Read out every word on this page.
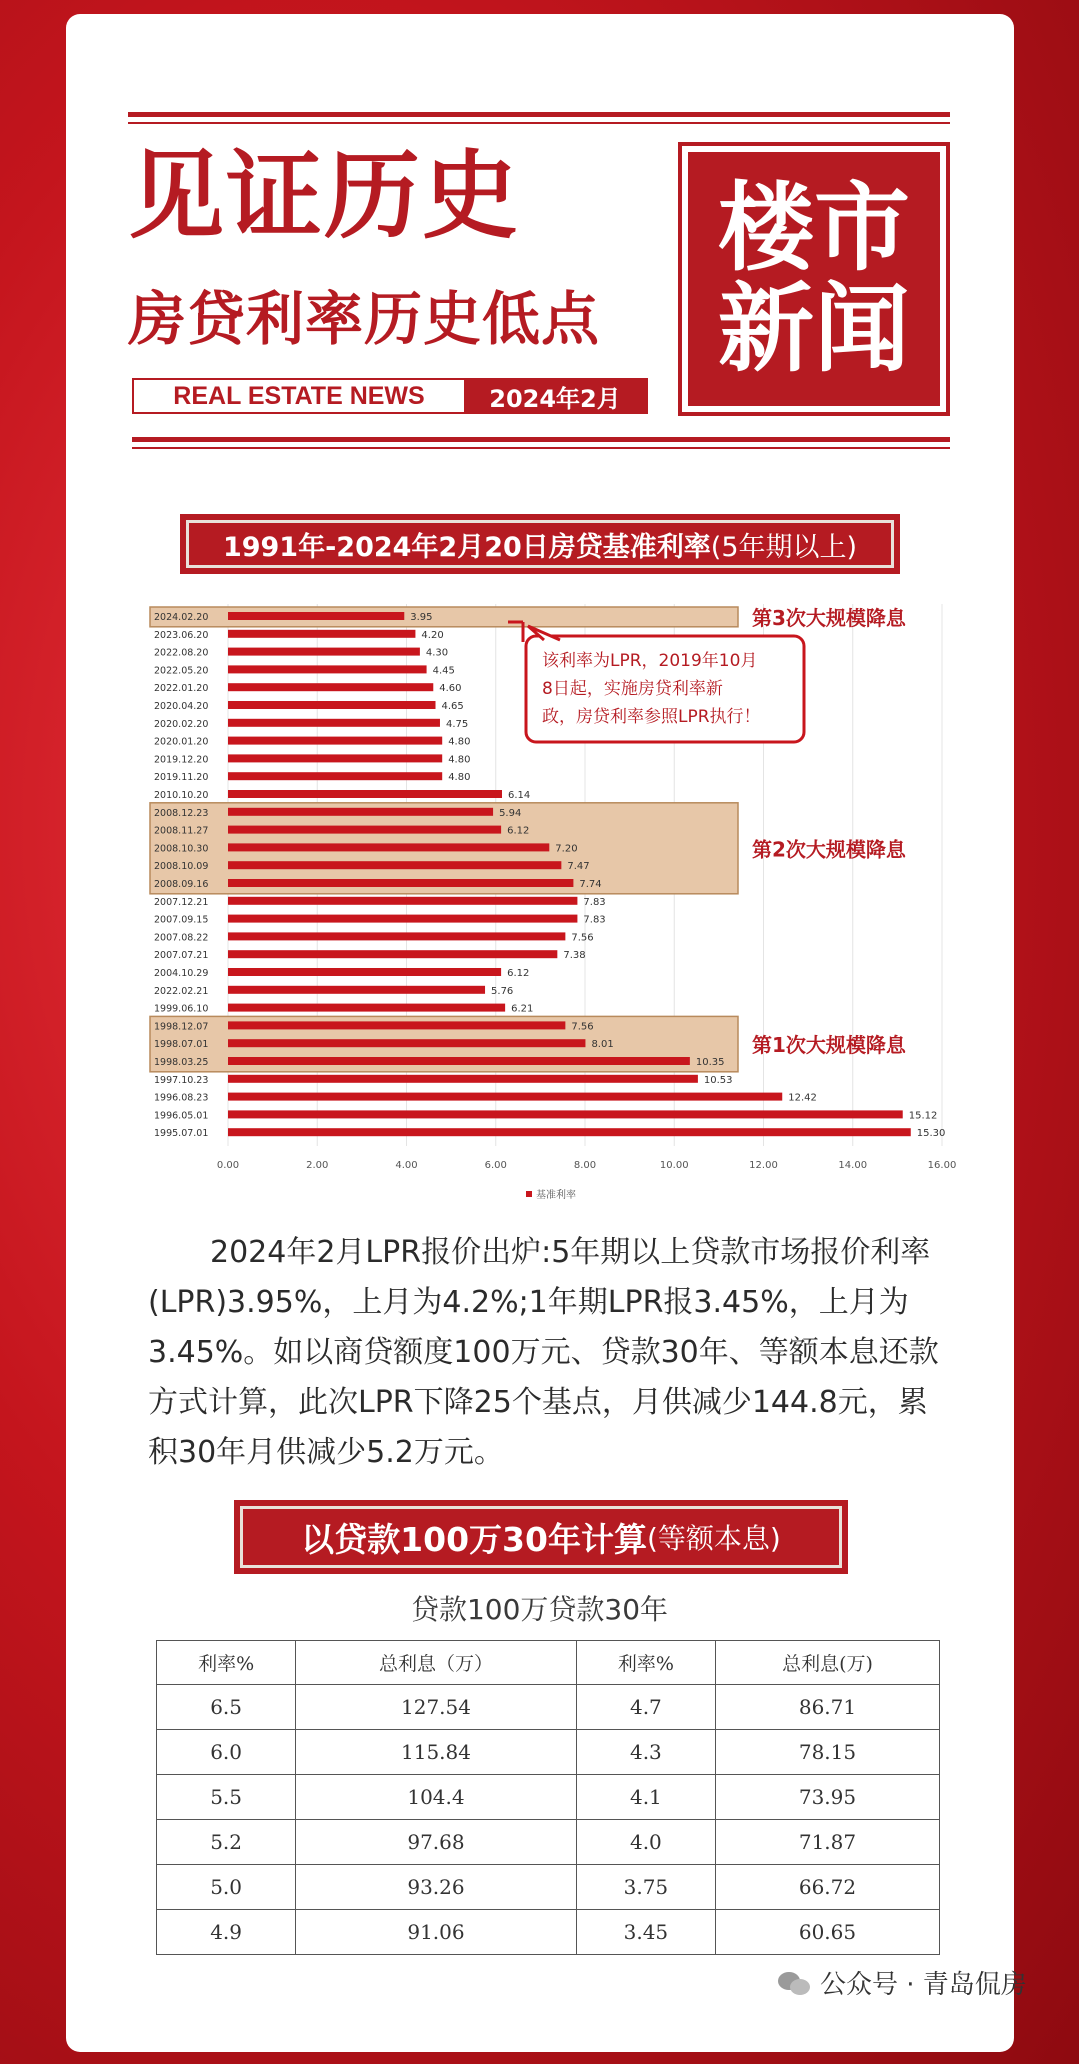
见证历史
房贷利率历史低点
REAL ESTATE NEWS	2024年2月
楼市
新闻
1991年-2024年2月20日房贷基准利率 (5年期以上)
第3次大规模降息
第2次大规模降息
第1次大规模降息
2024.02.20	3.95
2023.06.20	4.20
2022.08.20	4.30
2022.05.20	4.45
2022.01.20	4.60
2020.04.20	4.65
2020.02.20	4.75
2020.01.20	4.80
2019.12.20	4.80
2019.11.20	4.80
2010.10.20	6.14
2008.12.23	5.94
2008.11.27	6.12
2008.10.30	7.20
2008.10.09	7.47
2008.09.16	7.74
2007.12.21	7.83
2007.09.15	7.83
2007.08.22	7.56
2007.07.21	7.38
2004.10.29	6.12
2022.02.21	5.76
1999.06.10	6.21
1998.12.07	7.56
1998.07.01	8.01
1998.03.25	10.35
1997.10.23	10.53
1996.08.23	12.42
1996.05.01	15.12
1995.07.01	15.30
0.00	2.00	4.00	6.00	8.00	10.00	12.00	14.00	16.00
基准利率
该利率为LPR，2019年10月
8日起，实施房贷利率新
政，房贷利率参照LPR执行！
2024年2月LPR报价出炉:5年期以上贷款市场报价利率(LPR)3.95%，上月为4.2%;1年期LPR报3.45%，上月为3.45%。如以商贷额度100万元、贷款30年、等额本息还款方式计算，此次LPR下降25个基点，月供减少144.8元，累积30年月供减少5.2万元。
以贷款100万30年计算 (等额本息)
贷款100万贷款30年
利率%	总利息（万）	利率%	总利息(万)
6.5	127.54	4.7	86.71
6.0	115.84	4.3	78.15
5.5	104.4	4.1	73.95
5.2	97.68	4.0	71.87
5.0	93.26	3.75	66.72
4.9	91.06	3.45	60.65
公众号 · 青岛侃房
